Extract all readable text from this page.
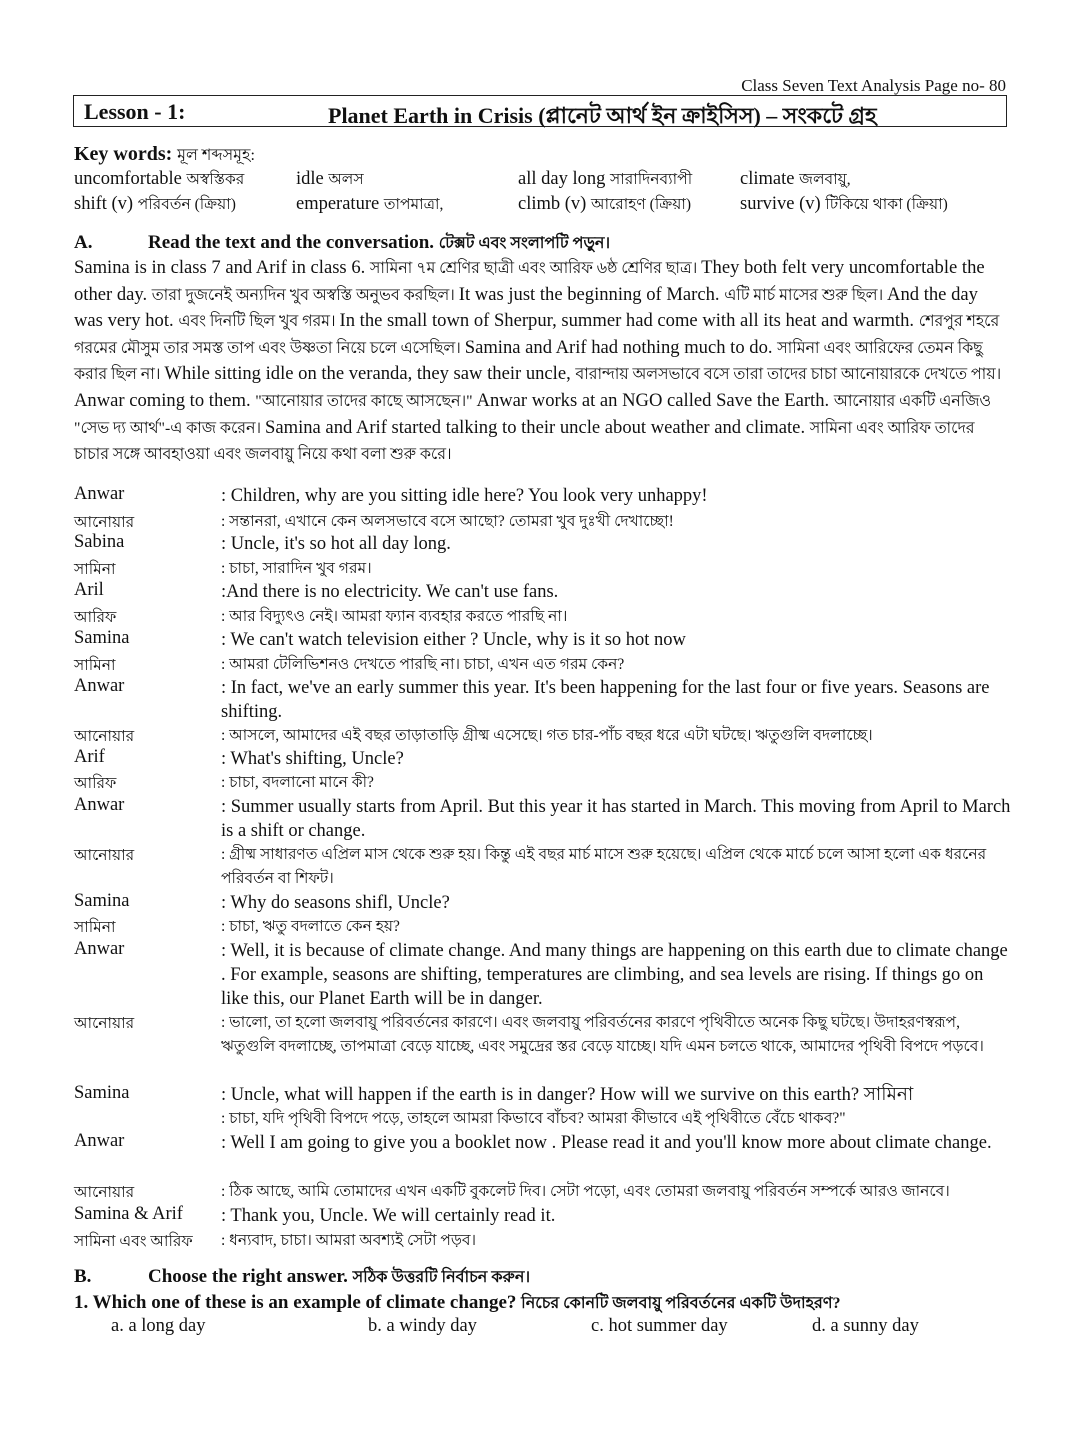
Class Seven Text Analysis Page no- 80
Lesson - 1:	Planet Earth in Crisis (প্লানেট আর্থ ইন ক্রাইসিস) – সংকটে গ্রহ
Key words: মূল শব্দসমূহ:
uncomfortable অস্বস্তিকর	idle অলস	all day long সারাদিনব্যাপী	climate জলবায়ু,
shift (v) পরিবর্তন (ক্রিয়া)	emperature তাপমাত্রা,	climb (v) আরোহণ (ক্রিয়া)	survive (v) টিকিয়ে থাকা (ক্রিয়া)
A.	Read the text and the conversation. টেক্সট এবং সংলাপটি পড়ুন।
Samina is in class 7 and Arif in class 6. সামিনা ৭ম শ্রেণির ছাত্রী এবং আরিফ ৬ষ্ঠ শ্রেণির ছাত্র। They both felt very uncomfortable the other day. তারা দুজনেই অন্যদিন খুব অস্বস্তি অনুভব করছিল। It was just the beginning of March. এটি মার্চ মাসের শুরু ছিল। And the day was very hot. এবং দিনটি ছিল খুব গরম। In the small town of Sherpur, summer had come with all its heat and warmth. শেরপুর শহরে গরমের মৌসুম তার সমস্ত তাপ এবং উষ্ণতা নিয়ে চলে এসেছিল। Samina and Arif had nothing much to do. সামিনা এবং আরিফের তেমন কিছু করার ছিল না। While sitting idle on the veranda, they saw their uncle, বারান্দায় অলসভাবে বসে তারা তাদের চাচা আনোয়ারকে দেখতে পায়। Anwar coming to them. "আনোয়ার তাদের কাছে আসছেন।" Anwar works at an NGO called Save the Earth. আনোয়ার একটি এনজিও "সেভ দ্য আর্থ"-এ কাজ করেন। Samina and Arif started talking to their uncle about weather and climate. সামিনা এবং আরিফ তাদের চাচার সঙ্গে আবহাওয়া এবং জলবায়ু নিয়ে কথা বলা শুরু করে।
Anwar	: Children, why are you sitting idle here? You look very unhappy!
আনোয়ার	: সন্তানরা, এখানে কেন অলসভাবে বসে আছো? তোমরা খুব দুঃখী দেখাচ্ছো!
Sabina	: Uncle, it's so hot all day long.
সামিনা	: চাচা, সারাদিন খুব গরম।
Aril	:And there is no electricity. We can't use fans.
আরিফ	: আর বিদ্যুৎও নেই। আমরা ফ্যান ব্যবহার করতে পারছি না।
Samina	: We can't watch television either ? Uncle, why is it so hot now
সামিনা	: আমরা টেলিভিশনও দেখতে পারছি না। চাচা, এখন এত গরম কেন?
Anwar	: In fact, we've an early summer this year. It's been happening for the last four or five years. Seasons are shifting.
আনোয়ার	: আসলে, আমাদের এই বছর তাড়াতাড়ি গ্রীষ্ম এসেছে। গত চার-পাঁচ বছর ধরে এটা ঘটছে। ঋতুগুলি বদলাচ্ছে।
Arif	: What's shifting, Uncle?
আরিফ	: চাচা, বদলানো মানে কী?
Anwar	: Summer usually starts from April. But this year it has started in March. This moving from April to March is a shift or change.
আনোয়ার	: গ্রীষ্ম সাধারণত এপ্রিল মাস থেকে শুরু হয়। কিন্তু এই বছর মার্চ মাসে শুরু হয়েছে। এপ্রিল থেকে মার্চে চলে আসা হলো এক ধরনের পরিবর্তন বা শিফট।
Samina	: Why do seasons shifl, Uncle?
সামিনা	: চাচা, ঋতু বদলাতে কেন হয়?
Anwar	: Well, it is because of climate change. And many things are happening on this earth due to climate change . For example, seasons are shifting, temperatures are climbing, and sea levels are rising. If things go on like this, our Planet Earth will be in danger.
আনোয়ার	: ভালো, তা হলো জলবায়ু পরিবর্তনের কারণে। এবং জলবায়ু পরিবর্তনের কারণে পৃথিবীতে অনেক কিছু ঘটছে। উদাহরণস্বরূপ, ঋতুগুলি বদলাচ্ছে, তাপমাত্রা বেড়ে যাচ্ছে, এবং সমুদ্রের স্তর বেড়ে যাচ্ছে। যদি এমন চলতে থাকে, আমাদের পৃথিবী বিপদে পড়বে।
Samina	: Uncle, what will happen if the earth is in danger? How will we survive on this earth? সামিনা
: চাচা, যদি পৃথিবী বিপদে পড়ে, তাহলে আমরা কিভাবে বাঁচব? আমরা কীভাবে এই পৃথিবীতে বেঁচে থাকব?"
Anwar	: Well I am going to give you a booklet now . Please read it and you'll know more about climate change.
আনোয়ার	: ঠিক আছে, আমি তোমাদের এখন একটি বুকলেট দিব। সেটা পড়ো, এবং তোমরা জলবায়ু পরিবর্তন সম্পর্কে আরও জানবে।
Samina & Arif : Thank you, Uncle. We will certainly read it.
সামিনা এবং আরিফ : ধন্যবাদ, চাচা। আমরা অবশ্যই সেটা পড়ব।
B.	Choose the right answer. সঠিক উত্তরটি নির্বাচন করুন।
1. Which one of these is an example of climate change? নিচের কোনটি জলবায়ু পরিবর্তনের একটি উদাহরণ?
a. a long day	b. a windy day	c. hot summer day	d. a sunny day
